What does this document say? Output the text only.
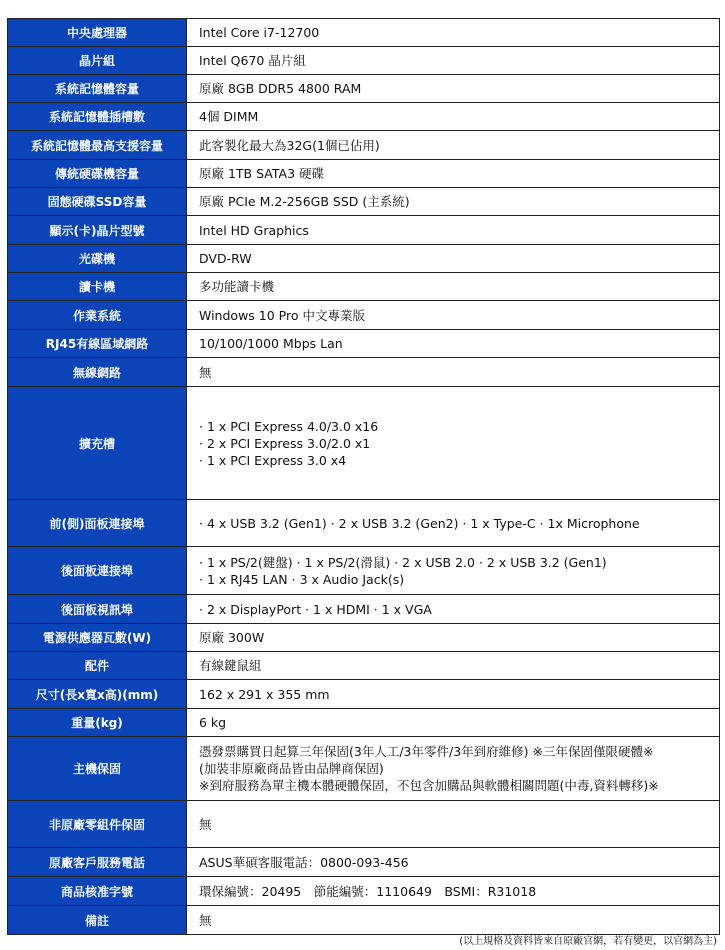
中央處理器	Intel Core i7-12700

晶片組	Intel Q670 晶片組

系統記憶體容量	原廠 8GB DDR5 4800 RAM

系統記憶體插槽數	4個 DIMM

系統記憶體最高支援容量	此客製化最大為32G(1個已佔用)

傳統硬碟機容量	原廠 1TB SATA3 硬碟

固態硬碟SSD容量	原廠 PCIe M.2-256GB SSD (主系統)

顯示(卡)晶片型號	Intel HD Graphics

光碟機	DVD-RW

讀卡機	多功能讀卡機

作業系統	Windows 10 Pro 中文專業版

RJ45有線區域網路	10/100/1000 Mbps Lan

無線網路	無

擴充槽	· 1 x PCI Express 4.0/3.0 x16
· 2 x PCI Express 3.0/2.0 x1
· 1 x PCI Express 3.0 x4

前(側)面板連接埠	· 4 x USB 3.2 (Gen1) · 2 x USB 3.2 (Gen2) · 1 x Type-C · 1x Microphone

後面板連接埠	· 1 x PS/2(鍵盤) · 1 x PS/2(滑鼠) · 2 x USB 2.0 · 2 x USB 3.2 (Gen1)
· 1 x RJ45 LAN · 3 x Audio Jack(s)

後面板視訊埠	· 2 x DisplayPort · 1 x HDMI · 1 x VGA

電源供應器瓦數(W)	原廠 300W

配件	有線鍵鼠組

尺寸(長x寬x高)(mm)	162 x 291 x 355 mm

重量(kg)	6 kg

主機保固	憑發票購買日起算三年保固(3年人工/3年零件/3年到府維修) ※三年保固僅限硬體※
(加裝非原廠商品皆由品牌商保固)
※到府服務為單主機本體硬體保固，不包含加購品與軟體相關問題(中毒,資料轉移)※

非原廠零組件保固	無

原廠客戶服務電話	ASUS華碩客服電話：0800-093-456

商品核准字號	環保編號：20495　節能編號：1110649　BSMI：R31018

備註	無
(以上規格及資料皆來自原廠官網，若有變更，以官網為主)
